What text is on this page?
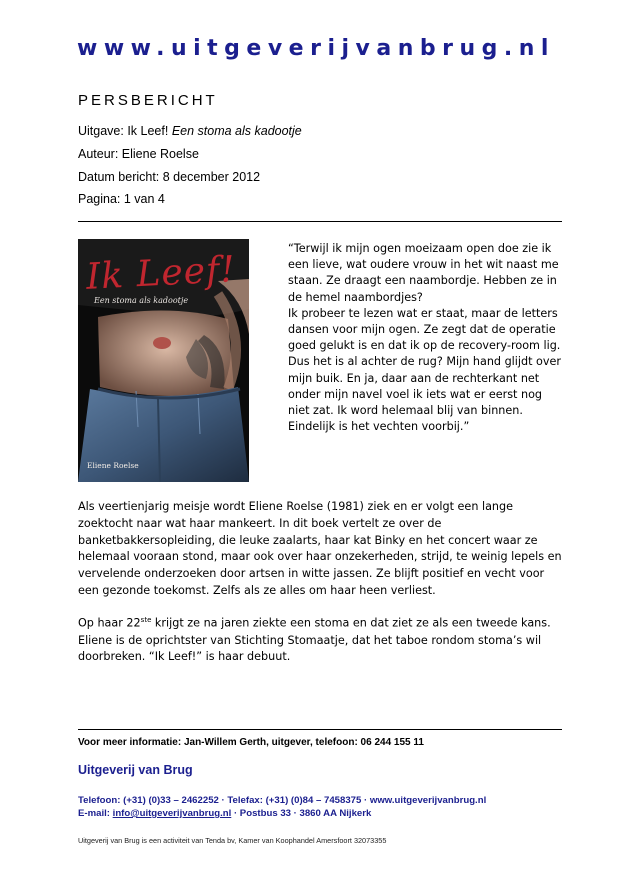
www.uitgeverijvanbrug.nl
PERSBERICHT
Uitgave: Ik Leef! Een stoma als kadootje
Auteur: Eliene Roelse
Datum bericht: 8 december 2012
Pagina: 1 van 4
Ik Leef!
Een stoma als kadootje
Eliene Roelse
“Terwijl ik mijn ogen moeizaam open doe zie ik een lieve, wat oudere vrouw in het wit naast me staan. Ze draagt een naambordje. Hebben ze in de hemel naambordjes?
Ik probeer te lezen wat er staat, maar de letters dansen voor mijn ogen. Ze zegt dat de operatie goed gelukt is en dat ik op de recovery-room lig.
Dus het is al achter de rug? Mijn hand glijdt over mijn buik. En ja, daar aan de rechterkant net onder mijn navel voel ik iets wat er eerst nog niet zat. Ik word helemaal blij van binnen. Eindelijk is het vechten voorbij.”
Als veertienjarig meisje wordt Eliene Roelse (1981) ziek en er volgt een lange zoektocht naar wat haar mankeert. In dit boek vertelt ze over de banketbakkersopleiding, die leuke zaalarts, haar kat Binky en het concert waar ze helemaal vooraan stond, maar ook over haar onzekerheden, strijd, te weinig lepels en vervelende onderzoeken door artsen in witte jassen. Ze blijft positief en vecht voor een gezonde toekomst. Zelfs als ze alles om haar heen verliest.
Op haar 22ste krijgt ze na jaren ziekte een stoma en dat ziet ze als een tweede kans. Eliene is de oprichtster van Stichting Stomaatje, dat het taboe rondom stoma’s wil doorbreken. “Ik Leef!” is haar debuut.
Voor meer informatie: Jan-Willem Gerth, uitgever, telefoon: 06 244 155 11
Uitgeverij van Brug
Telefoon: (+31) (0)33 – 2462252 · Telefax: (+31) (0)84 – 7458375 · www.uitgeverijvanbrug.nl
E-mail: info@uitgeverijvanbrug.nl · Postbus 33 · 3860 AA Nijkerk
Uitgeverij van Brug is een activiteit van Tenda bv, Kamer van Koophandel Amersfoort 32073355
